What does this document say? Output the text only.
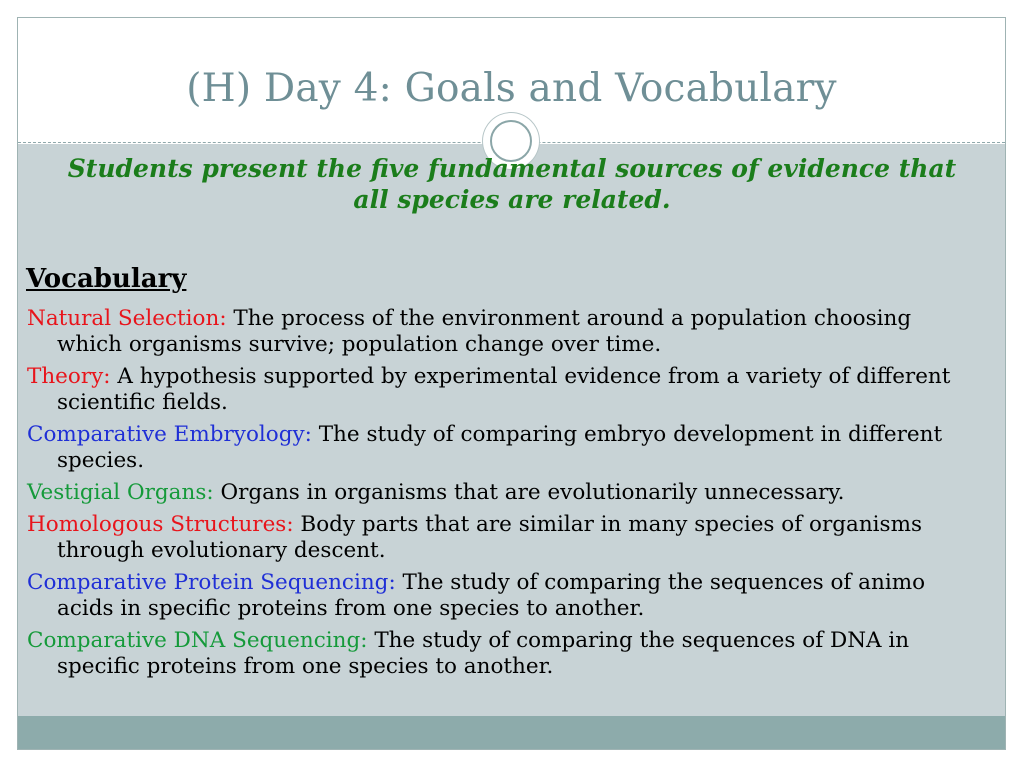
(H) Day 4: Goals and Vocabulary
Students present the five fundamental sources of evidence that all species are related.
Vocabulary
Natural Selection: The process of the environment around a population choosing which organisms survive; population change over time.
Theory: A hypothesis supported by experimental evidence from a variety of different scientific fields.
Comparative Embryology: The study of comparing embryo development in different species.
Vestigial Organs: Organs in organisms that are evolutionarily unnecessary.
Homologous Structures: Body parts that are similar in many species of organisms through evolutionary descent.
Comparative Protein Sequencing: The study of comparing the sequences of animo acids in specific proteins from one species to another.
Comparative DNA Sequencing: The study of comparing the sequences of DNA in specific proteins from one species to another.
